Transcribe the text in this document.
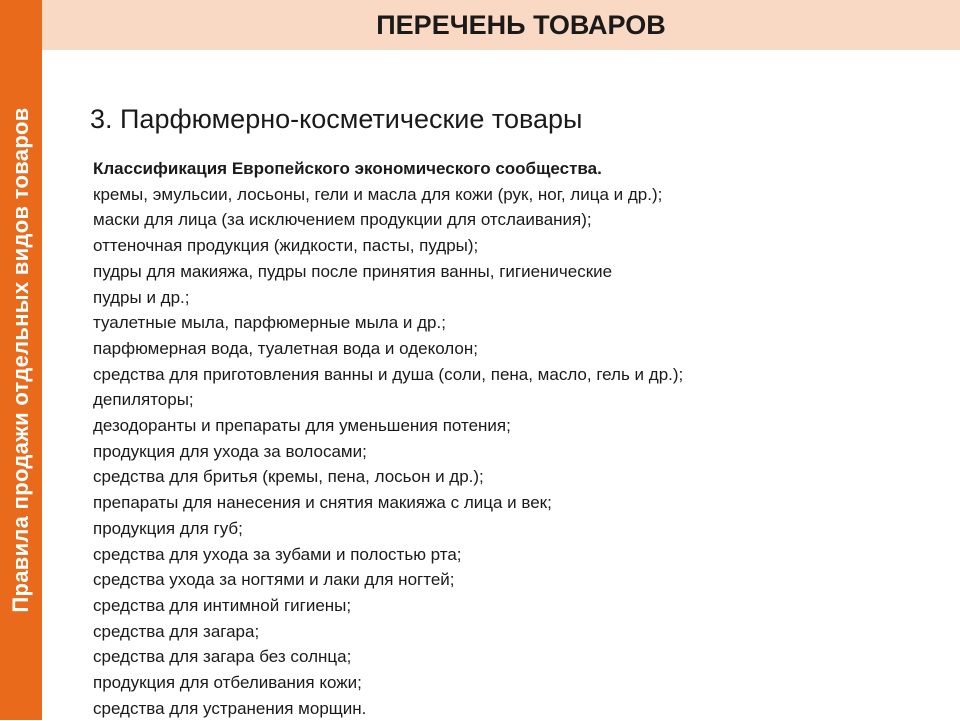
Правила продажи отдельных видов товаров
ПЕРЕЧЕНЬ ТОВАРОВ
3. Парфюмерно-косметические товары

Классификация Европейского экономического сообщества.

кремы, эмульсии, лосьоны, гели и масла для кожи (рук, ног, лица и др.);
маски для лица (за исключением продукции для отслаивания);
оттеночная продукция (жидкости, пасты, пудры);
пудры для макияжа, пудры после принятия ванны, гигиенические
пудры и др.;
туалетные мыла, парфюмерные мыла и др.;
парфюмерная вода, туалетная вода и одеколон;
средства для приготовления ванны и душа (соли, пена, масло, гель и др.);
депиляторы;
дезодоранты и препараты для уменьшения потения;
продукция для ухода за волосами;
средства для бритья (кремы, пена, лосьон и др.);
препараты для нанесения и снятия макияжа с лица и век;
продукция для губ;
средства для ухода за зубами и полостью рта;
средства ухода за ногтями и лаки для ногтей;
средства для интимной гигиены;
средства для загара;
средства для загара без солнца;
продукция для отбеливания кожи;
средства для устранения морщин.
